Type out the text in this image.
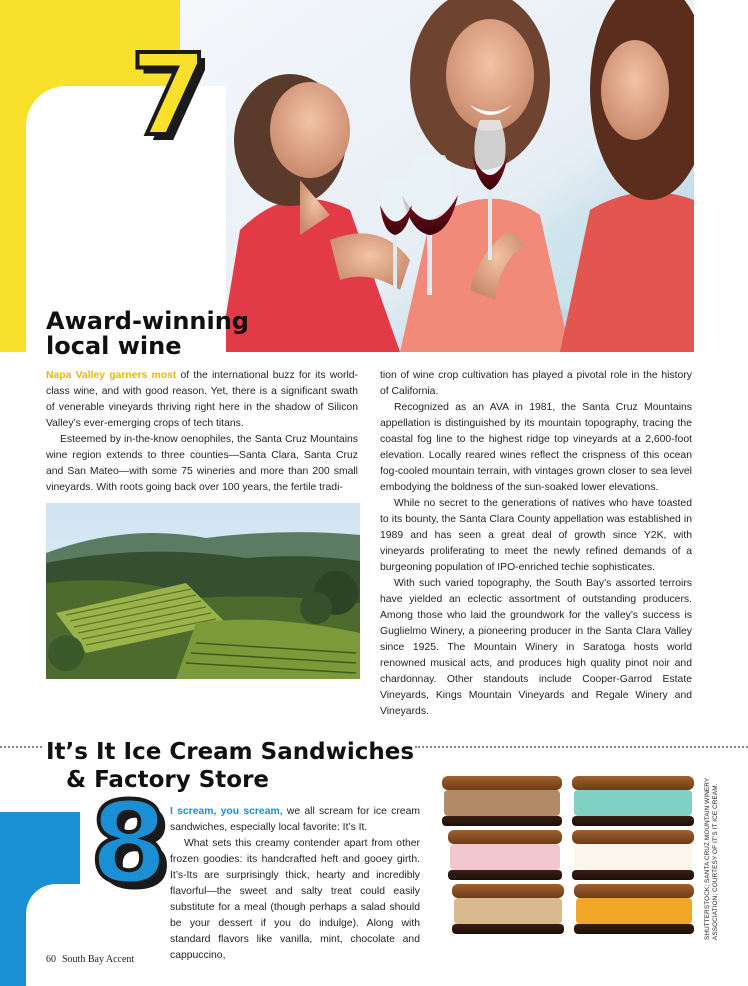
7
Award-winning
local wine

Napa Valley garners most of the international buzz for its world-class wine, and with good reason. Yet, there is a significant swath of venerable vineyards thriving right here in the shadow of Silicon Valley’s ever-emerging crops of tech titans.

Esteemed by in-the-know oenophiles, the Santa Cruz Mountains wine region extends to three counties—Santa Clara, Santa Cruz and San Mateo—with some 75 wineries and more than 200 small vineyards. With roots going back over 100 years, the fertile tradi-

tion of wine crop cultivation has played a pivotal role in the history of California.

Recognized as an AVA in 1981, the Santa Cruz Mountains appellation is distinguished by its mountain topography, tracing the coastal fog line to the highest ridge top vineyards at a 2,600-foot elevation. Locally reared wines reflect the crispness of this ocean fog-cooled mountain terrain, with vintages grown closer to sea level embodying the boldness of the sun-soaked lower elevations.

While no secret to the generations of natives who have toasted to its bounty, the Santa Clara County appellation was established in 1989 and has seen a great deal of growth since Y2K, with vineyards proliferating to meet the newly refined demands of a burgeoning population of IPO-enriched techie sophisticates.

With such varied topography, the South Bay’s assorted terroirs have yielded an eclectic assortment of outstanding producers. Among those who laid the groundwork for the valley’s success is Guglielmo Winery, a pioneering producer in the Santa Clara Valley since 1925. The Mountain Winery in Saratoga hosts world renowned musical acts, and produces high quality pinot noir and chardonnay. Other standouts include Cooper-Garrod Estate Vineyards, Kings Mountain Vineyards and Regale Winery and Vineyards.

It’s It Ice Cream Sandwiches
& Factory Store
8 I scream, you scream, we all scream for ice cream sandwiches, especially local favorite: It’s It.

What sets this creamy contender apart from other frozen goodies: its handcrafted heft and gooey girth. It’s-Its are surprisingly thick, hearty and incredibly flavorful—the sweet and salty treat could easily substitute for a meal (though perhaps a salad should be your dessert if you do indulge). Along with standard flavors like vanilla, mint, chocolate and cappuccino,

SHUTTERSTOCK; SANTA CRUZ MOUNTAIN WINERY ASSOCIATION; COURTESY OF IT’S IT ICE CREAM.
60 South Bay Accent
